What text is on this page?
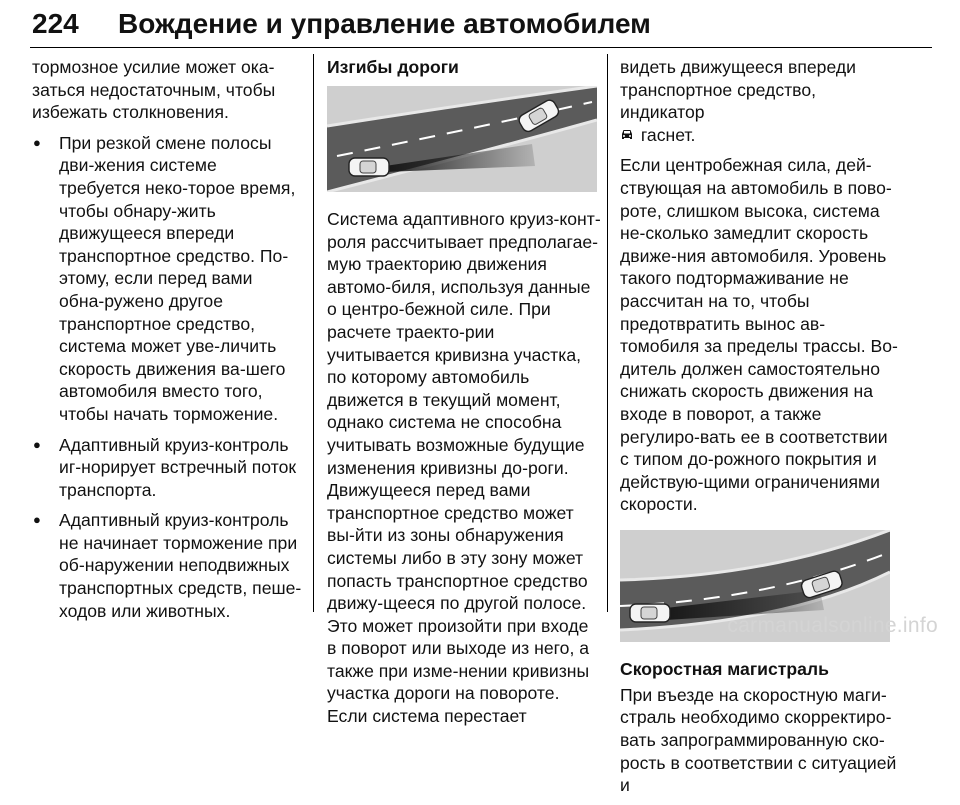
224 Вождение и управление автомобилем

тормозное усилие может ока-заться недостаточным, чтобы избежать столкновения.

● При резкой смене полосы дви-жения системе требуется неко-торое время, чтобы обнару-жить движущееся впереди транспортное средство. По-этому, если перед вами обна-ружено другое транспортное средство, система может уве-личить скорость движения ва-шего автомобиля вместо того, чтобы начать торможение.
● Адаптивный круиз-контроль иг-норирует встречный поток транспорта.
● Адаптивный круиз-контроль не начинает торможение при об-наружении неподвижных транспортных средств, пеше-ходов или животных.
Изгибы дороги

Система адаптивного круиз-конт-роля рассчитывает предполагае-мую траекторию движения автомо-биля, используя данные о центро-бежной силе. При расчете траекто-рии учитывается кривизна участка, по которому автомобиль движется в текущий момент, однако система не способна учитывать возможные будущие изменения кривизны до-роги. Движущееся перед вами транспортное средство может вы-йти из зоны обнаружения системы либо в эту зону может попасть транспортное средство движу-щееся по другой полосе. Это может произойти при входе в поворот или выходе из него, а также при изме-нении кривизны участка дороги на повороте. Если система перестает

видеть движущееся впереди транспортное средство, индикатор
гаснет.

Если центробежная сила, дей-ствующая на автомобиль в пово-роте, слишком высока, система не-сколько замедлит скорость движе-ния автомобиля. Уровень такого подтормаживание не рассчитан на то, чтобы предотвратить вынос ав-томобиля за пределы трассы. Во-дитель должен самостоятельно снижать скорость движения на входе в поворот, а также регулиро-вать ее в соответствии с типом до-рожного покрытия и действую-щими ограничениями скорости.

Скоростная магистраль

При въезде на скоростную маги-страль необходимо скорректиро-вать запрограммированную ско-рость в соответствии с ситуацией и

carmanualsonline.info
